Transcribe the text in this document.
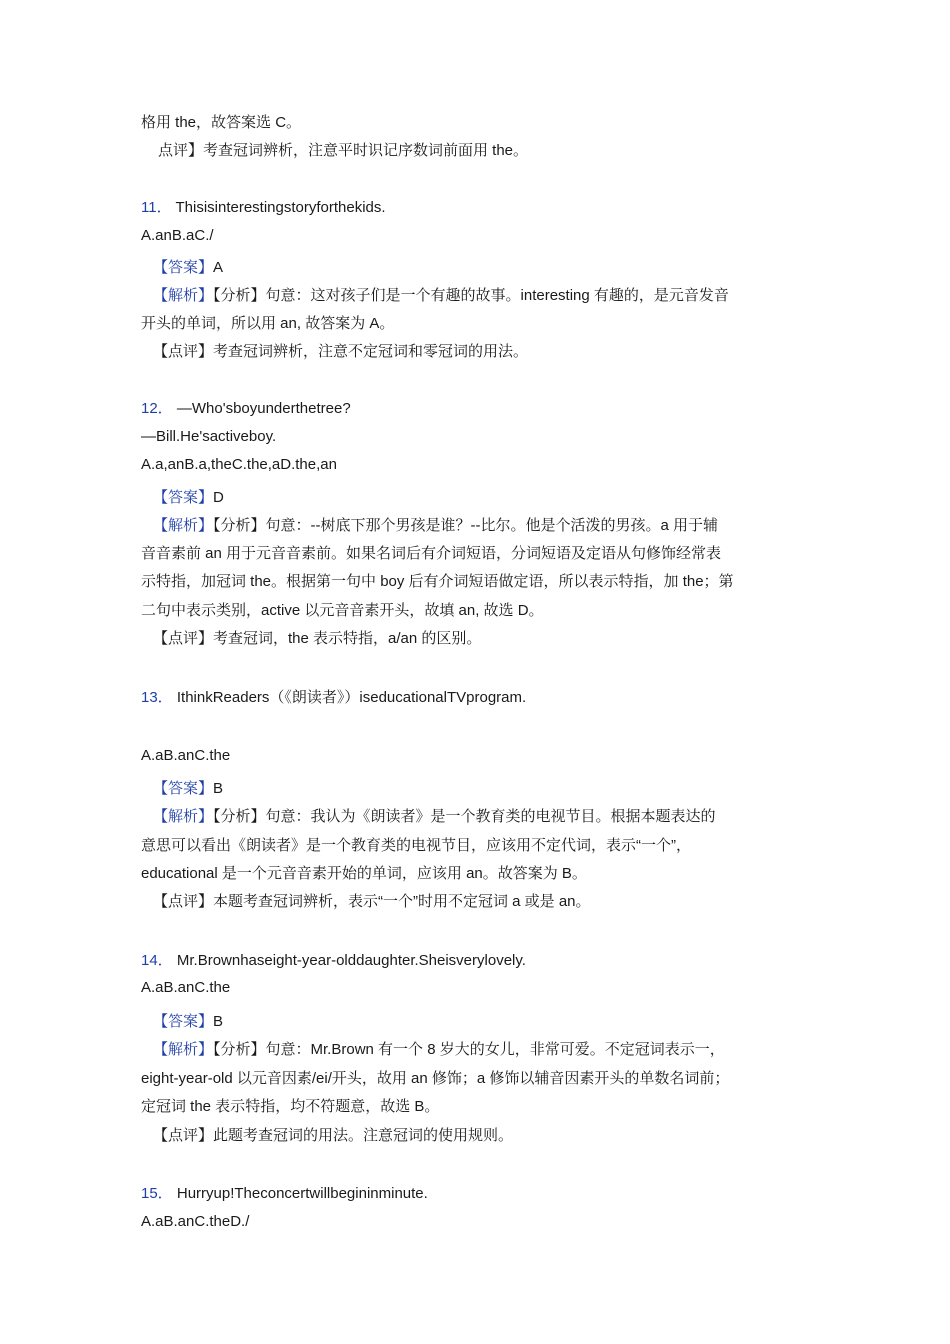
格用 the，故答案选 C。
点评】考查冠词辨析，注意平时识记序数词前面用 the。
11． Thisisinterestingstoryforthekids.
A.anB.aC./
【答案】A
【解析】【分析】句意：这对孩子们是一个有趣的故事。interesting 有趣的，是元音发音
开头的单词，所以用 an, 故答案为 A。
【点评】考查冠词辨析，注意不定冠词和零冠词的用法。
12． —Who'sboyunderthetree?
—Bill.He'sactiveboy.
A.a,anB.a,theC.the,aD.the,an
【答案】D
【解析】【分析】句意：--树底下那个男孩是谁？--比尔。他是个活泼的男孩。a 用于辅
音音素前 an 用于元音音素前。如果名词后有介词短语，分词短语及定语从句修饰经常表
示特指，加冠词 the。根据第一句中 boy 后有介词短语做定语，所以表示特指，加 the；第
二句中表示类别，active 以元音音素开头，故填 an, 故选 D。
【点评】考查冠词，the 表示特指，a/an 的区别。
13． IthinkReaders（《朗读者》）iseducationalTVprogram.
A.aB.anC.the
【答案】B
【解析】【分析】句意：我认为《朗读者》是一个教育类的电视节目。根据本题表达的
意思可以看出《朗读者》是一个教育类的电视节目，应该用不定代词，表示“一个”，
educational 是一个元音音素开始的单词，应该用 an。故答案为 B。
【点评】本题考查冠词辨析，表示“一个”时用不定冠词 a 或是 an。
14． Mr.Brownhaseight-year-olddaughter.Sheisverylovely.
A.aB.anC.the
【答案】B
【解析】【分析】句意：Mr.Brown 有一个 8 岁大的女儿，非常可爱。不定冠词表示一，
eight-year-old 以元音因素/ei/开头，故用 an 修饰；a 修饰以辅音因素开头的单数名词前；
定冠词 the 表示特指，均不符题意，故选 B。
【点评】此题考查冠词的用法。注意冠词的使用规则。
15． Hurryup!Theconcertwillbegininminute.
A.aB.anC.theD./
